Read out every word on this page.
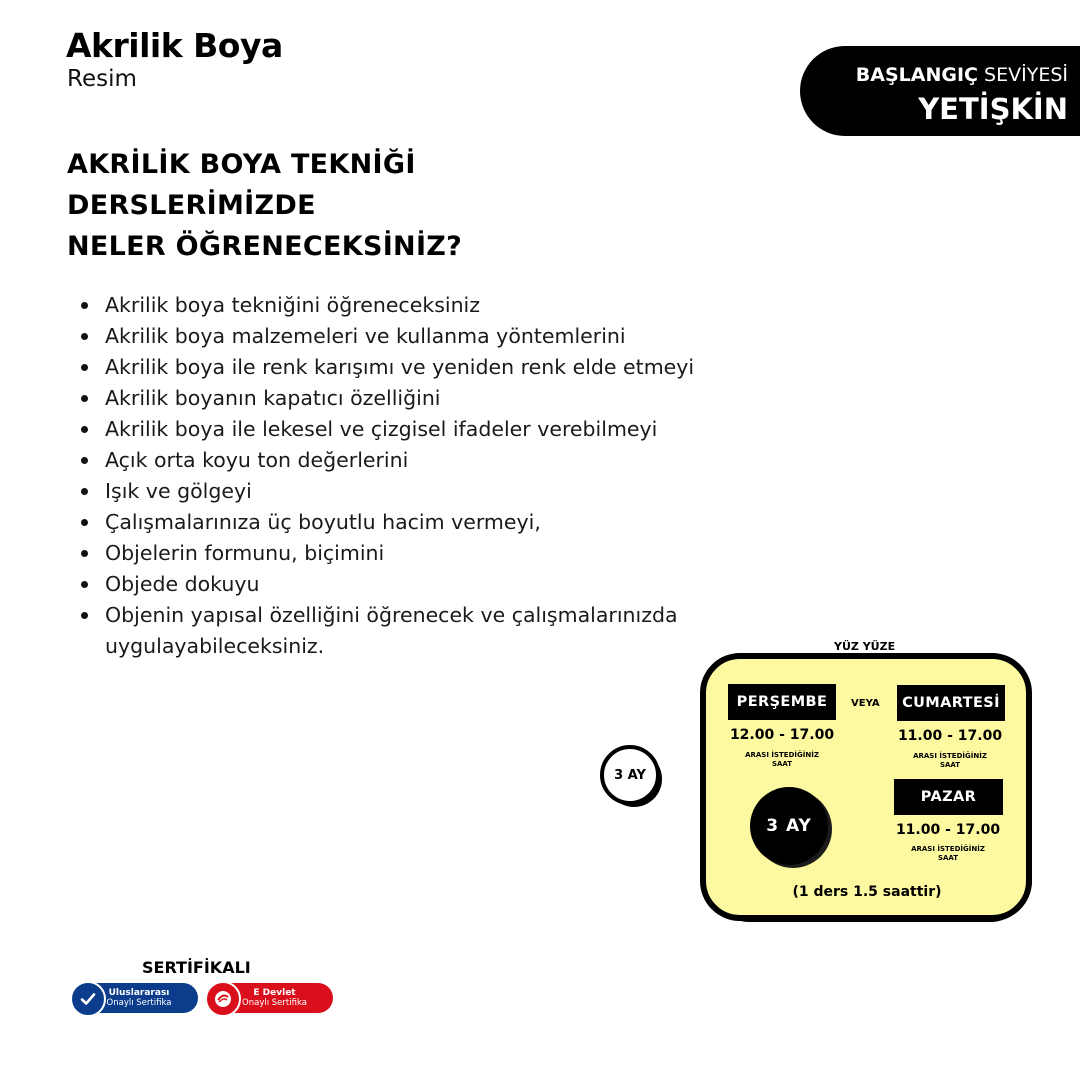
Akrilik Boya
Resim	BAŞLANGIÇ SEVİYESİ
YETİŞKİN
AKRİLİK BOYA TEKNİĞİ
DERSLERİMİZDE
NELER ÖĞRENECEKSİNİZ?
Akrilik boya tekniğini öğreneceksiniz
Akrilik boya malzemeleri ve kullanma yöntemlerini
Akrilik boya ile renk karışımı ve yeniden renk elde etmeyi
Akrilik boyanın kapatıcı özelliğini
Akrilik boya ile lekesel ve çizgisel ifadeler verebilmeyi
Açık orta koyu ton değerlerini
Işık ve gölgeyi
Çalışmalarınıza üç boyutlu hacim vermeyi,
Objelerin formunu, biçimini
Objede dokuyu
Objenin yapısal özelliğini öğrenecek ve çalışmalarınızda uygulayabileceksiniz.	YÜZ YÜZE
3 AY
PERŞEMBE
12.00 - 17.00
ARASI İSTEDİĞİNİZ
SAAT
VEYA	CUMARTESİ
11.00 - 17.00
ARASI İSTEDİĞİNİZ
SAAT
3 AY
PAZAR
11.00 - 17.00
ARASI İSTEDİĞİNİZ
SAAT
(1 ders 1.5 saattir)
SERTİFİKALI
Uluslararası
Onaylı Sertifika
E Devlet
Onaylı Sertifika
